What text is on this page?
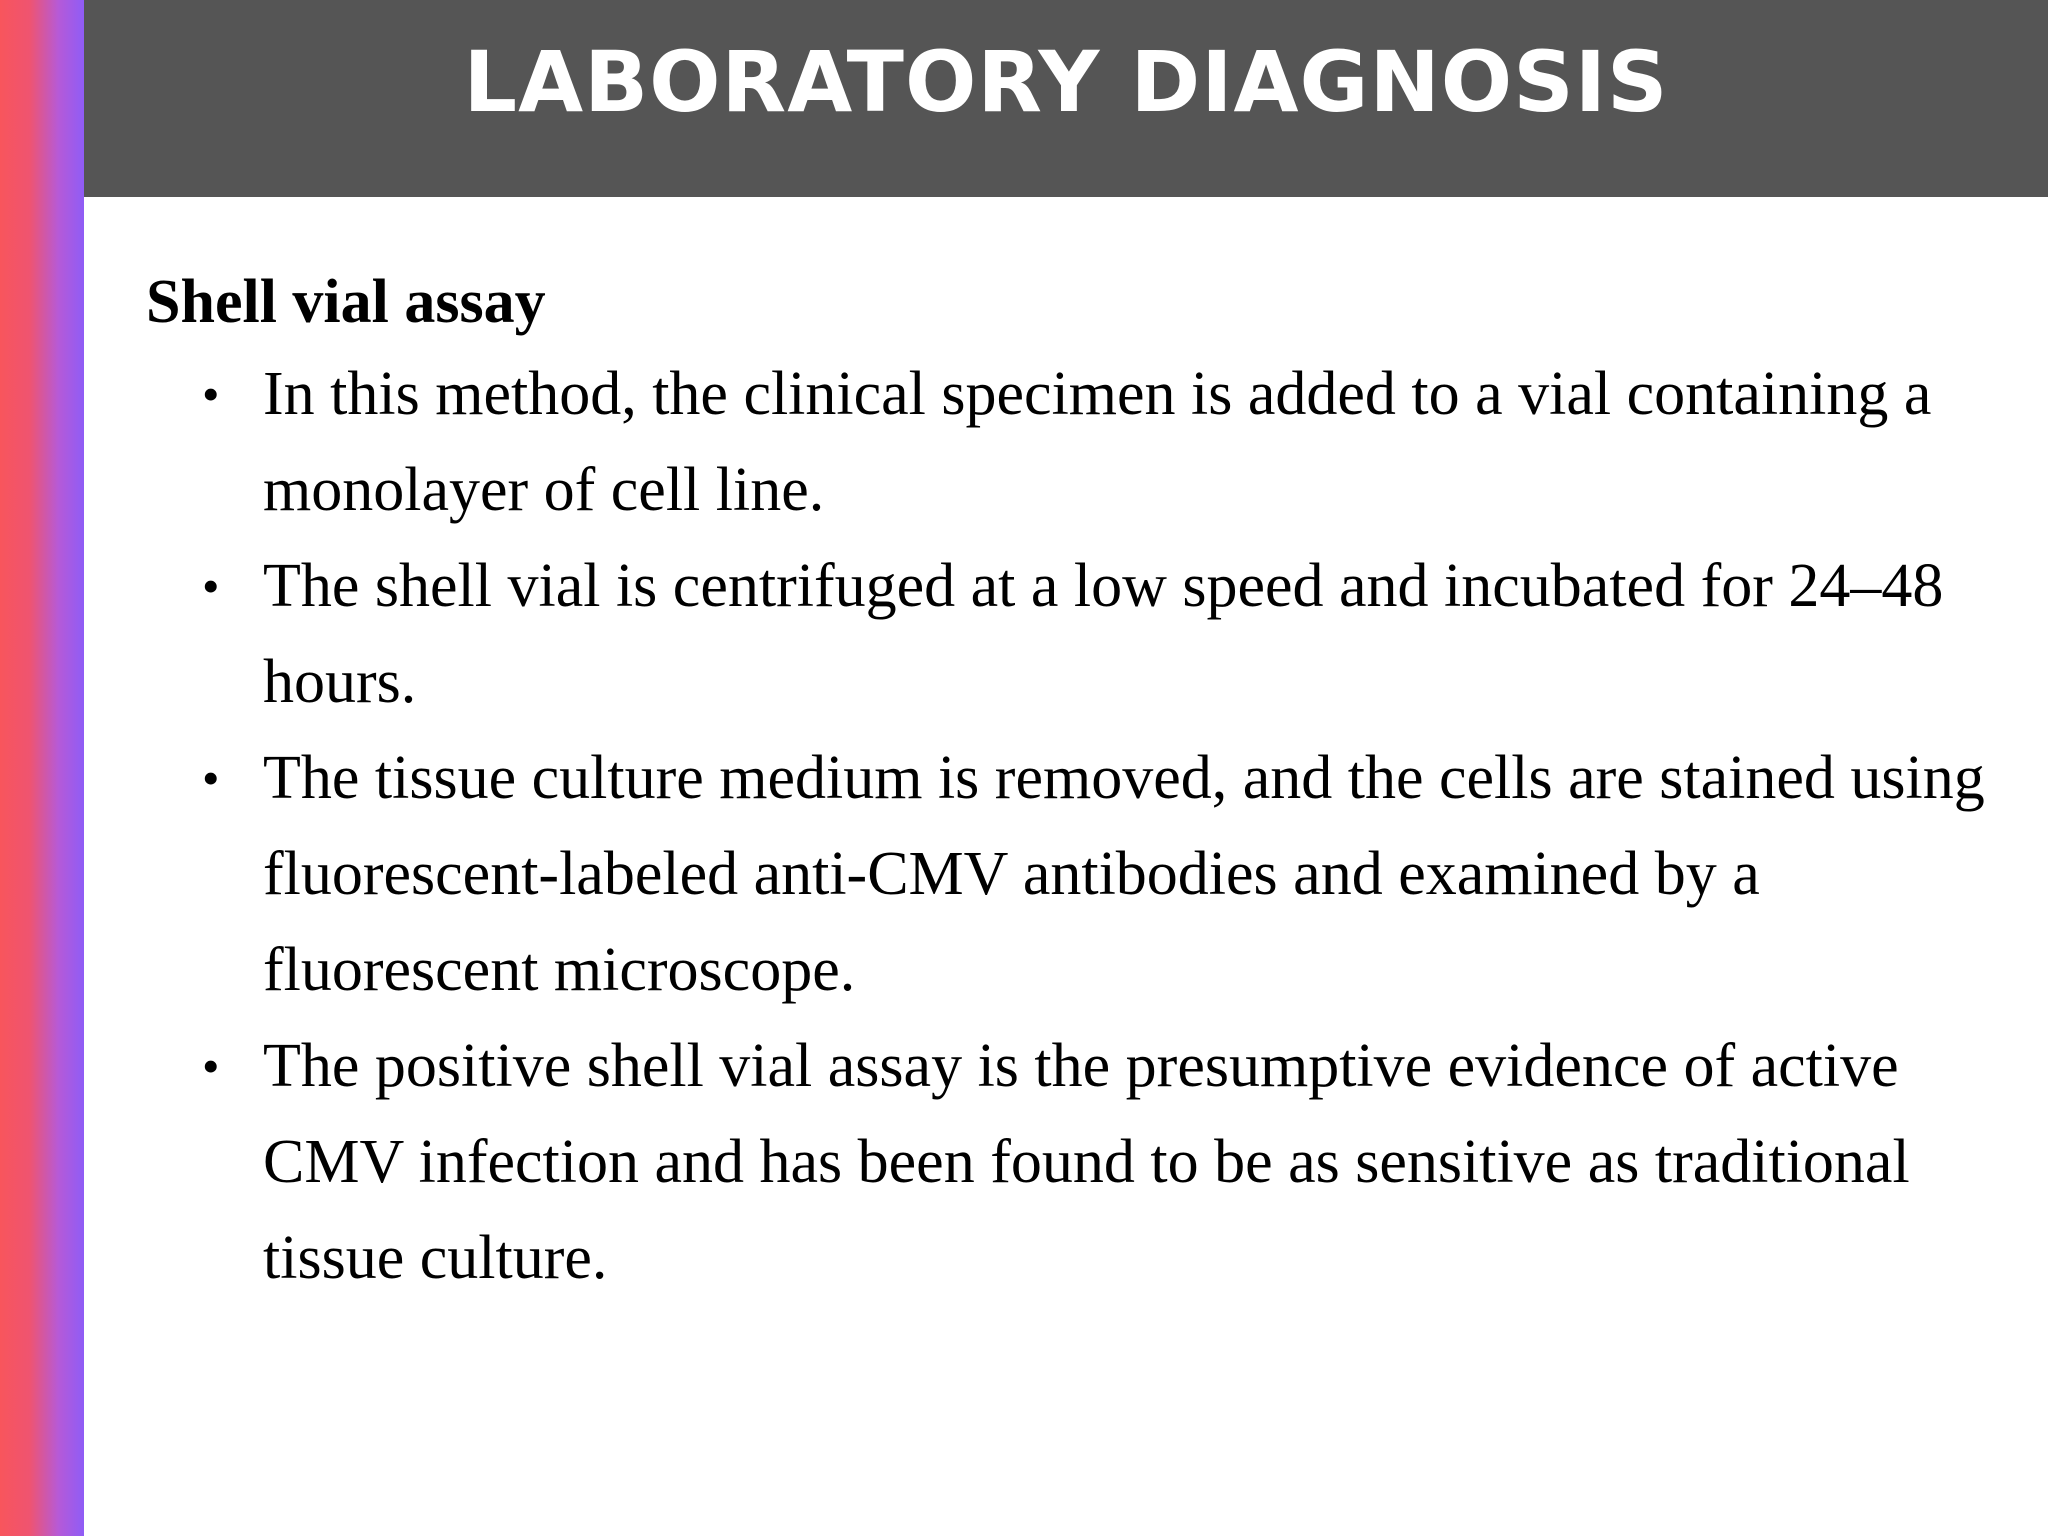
LABORATORY DIAGNOSIS
Shell vial assay
• In this method, the clinical specimen is added to a vial containing a monolayer of cell line.
• The shell vial is centrifuged at a low speed and incubated for 24–48 hours.
• The tissue culture medium is removed, and the cells are stained using fluorescent-labeled anti-CMV antibodies and examined by a fluorescent microscope.
• The positive shell vial assay is the presumptive evidence of active CMV infection and has been found to be as sensitive as traditional tissue culture.
